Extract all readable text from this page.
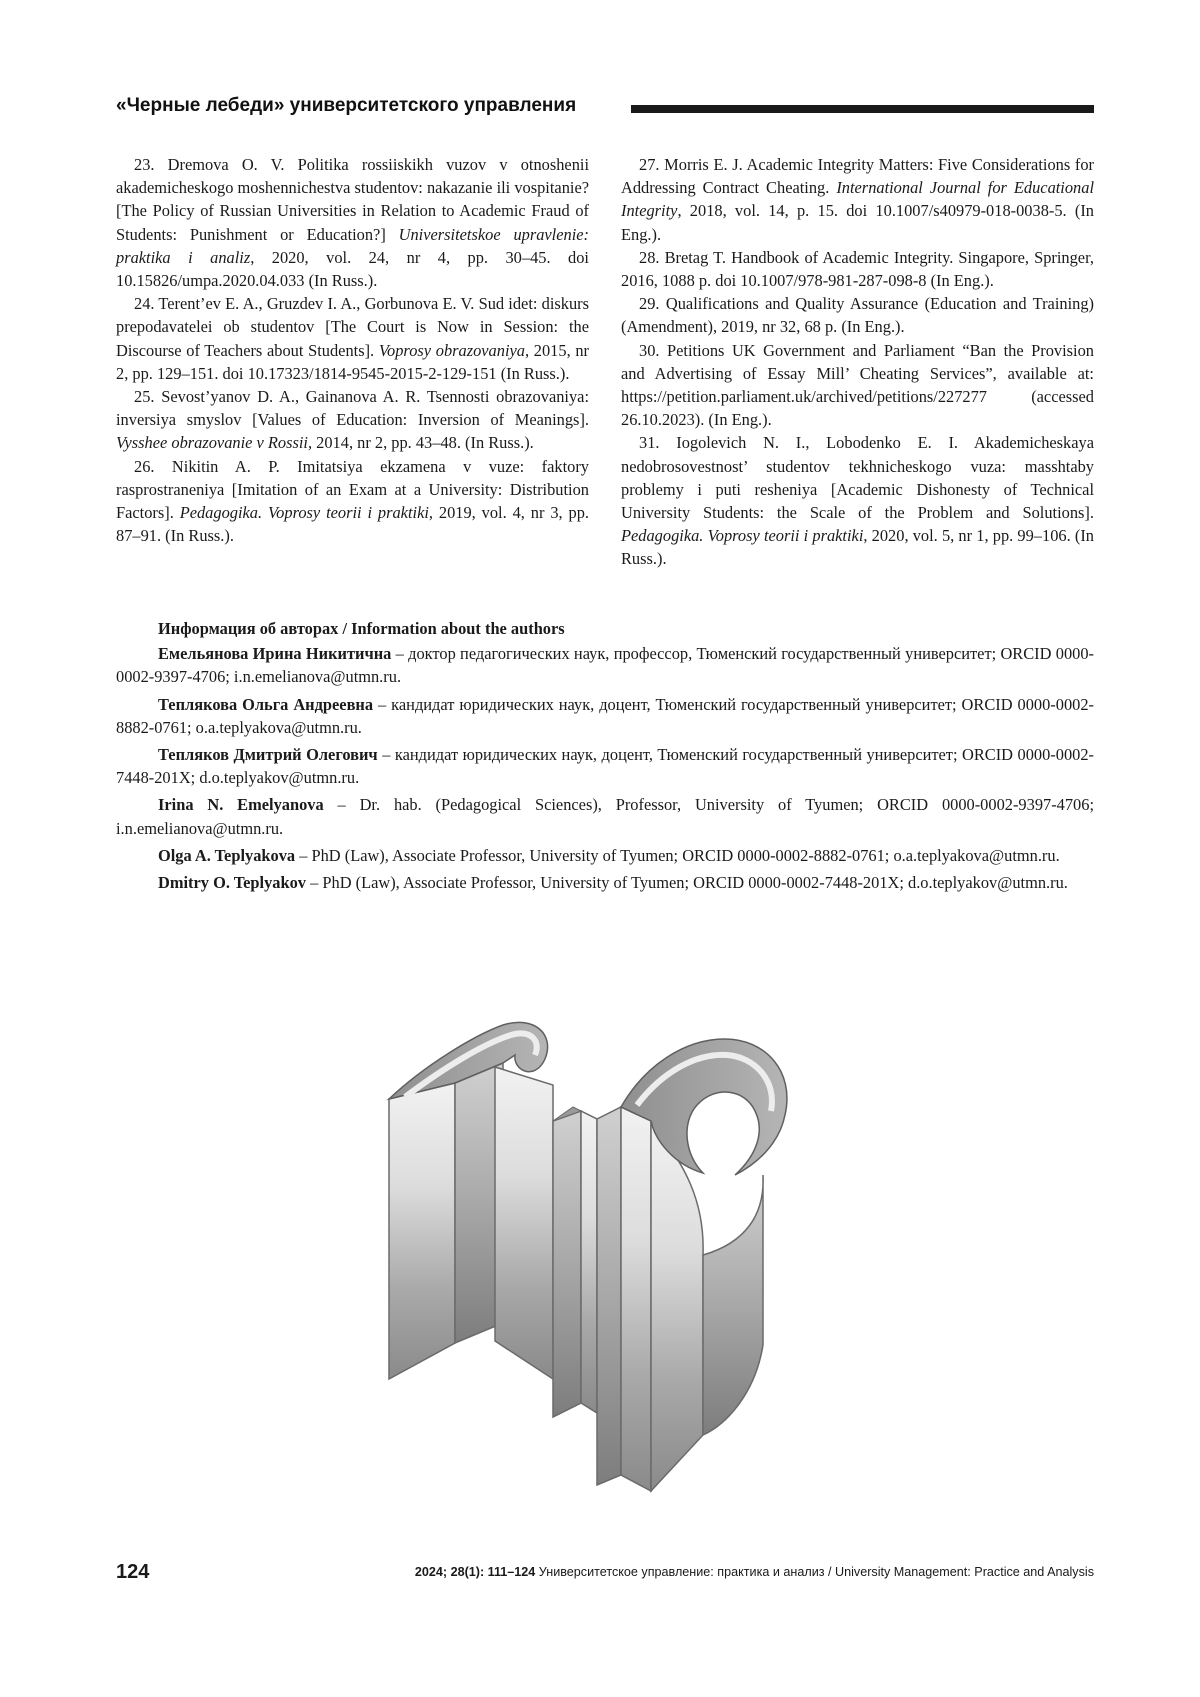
«Черные лебеди» университетского управления

23. Dremova O. V. Politika rossiiskikh vuzov v otnoshenii akademicheskogo moshennichestva studentov: nakazanie ili vospitanie? [The Policy of Russian Universities in Relation to Academic Fraud of Students: Punishment or Education?] Universitetskoe upravlenie: praktika i analiz, 2020, vol. 24, nr 4, pp. 30–45. doi 10.15826/umpa.2020.04.033 (In Russ.).

24. Terent’ev E. A., Gruzdev I. A., Gorbunova E. V. Sud idet: diskurs prepodavatelei ob studentov [The Court is Now in Session: the Discourse of Teachers about Students]. Voprosy obrazovaniya, 2015, nr 2, pp. 129–151. doi 10.17323/1814-9545-2015-2-129-151 (In Russ.).

25. Sevost’yanov D. A., Gainanova A. R. Tsennosti obrazovaniya: inversiya smyslov [Values of Education: Inversion of Meanings]. Vysshee obrazovanie v Rossii, 2014, nr 2, pp. 43–48. (In Russ.).

26. Nikitin A. P. Imitatsiya ekzamena v vuze: faktory rasprostraneniya [Imitation of an Exam at a University: Distribution Factors]. Pedagogika. Voprosy teorii i praktiki, 2019, vol. 4, nr 3, pp. 87–91. (In Russ.).

27. Morris E. J. Academic Integrity Matters: Five Considerations for Addressing Contract Cheating. International Journal for Educational Integrity, 2018, vol. 14, p. 15. doi 10.1007/s40979-018-0038-5. (In Eng.).

28. Bretag T. Handbook of Academic Integrity. Singapore, Springer, 2016, 1088 p. doi 10.1007/978-981-287-098-8 (In Eng.).

29. Qualifications and Quality Assurance (Education and Training) (Amendment), 2019, nr 32, 68 p. (In Eng.).

30. Petitions UK Government and Parliament “Ban the Provision and Advertising of Essay Mill’ Cheating Services”, available at: https://petition.parliament.uk/archived/petitions/227277 (accessed 26.10.2023). (In Eng.).

31. Iogolevich N. I., Lobodenko E. I. Akademicheskaya nedobrosovestnost’ studentov tekhnicheskogo vuza: masshtaby problemy i puti resheniya [Academic Dishonesty of Technical University Students: the Scale of the Problem and Solutions]. Pedagogika. Voprosy teorii i praktiki, 2020, vol. 5, nr 1, pp. 99–106. (In Russ.).

Информация об авторах / Information about the authors

Емельянова Ирина Никитична – доктор педагогических наук, профессор, Тюменский государственный университет; ORCID 0000-0002-9397-4706; i.n.emelianova@utmn.ru.

Теплякова Ольга Андреевна – кандидат юридических наук, доцент, Тюменский государственный университет; ORCID 0000-0002-8882-0761; o.a.teplyakova@utmn.ru.

Тепляков Дмитрий Олегович – кандидат юридических наук, доцент, Тюменский государственный университет; ORCID 0000-0002-7448-201X; d.o.teplyakov@utmn.ru.

Irina N. Emelyanova – Dr. hab. (Pedagogical Sciences), Professor, University of Tyumen; ORCID 0000-0002-9397-4706; i.n.emelianova@utmn.ru.

Olga A. Teplyakova – PhD (Law), Associate Professor, University of Tyumen; ORCID 0000-0002-8882-0761; o.a.teplyakova@utmn.ru.

Dmitry O. Teplyakov – PhD (Law), Associate Professor, University of Tyumen; ORCID 0000-0002-7448-201X; d.o.teplyakov@utmn.ru.

124	2024; 28(1): 111–124 Университетское управление: практика и анализ / University Management: Practice and Analysis
